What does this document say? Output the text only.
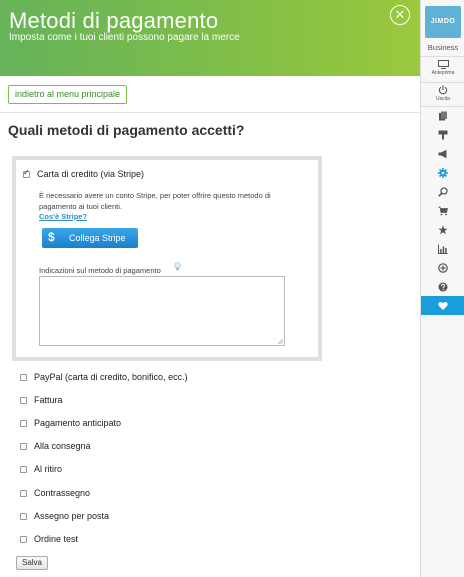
Metodi di pagamento
Imposta come i tuoi clienti possono pagare la merce
✕
indietro al menu principale
Quali metodi di pagamento accetti?
✓
Carta di credito (via Stripe)
È necessario avere un conto Stripe, per poter offrire questo metodo di pagamento ai tuoi clienti.
Cos'è Stripe?
$ Collega Stripe
Indicazioni sul metodo di pagamento
PayPal (carta di credito, bonifico, ecc.)
Fattura
Pagamento anticipato
Alla consegna
Al ritiro
Contrassegno
Assegno per posta
Ordine test
Salva
JIMDO
Business
Anteprima
Uscita
